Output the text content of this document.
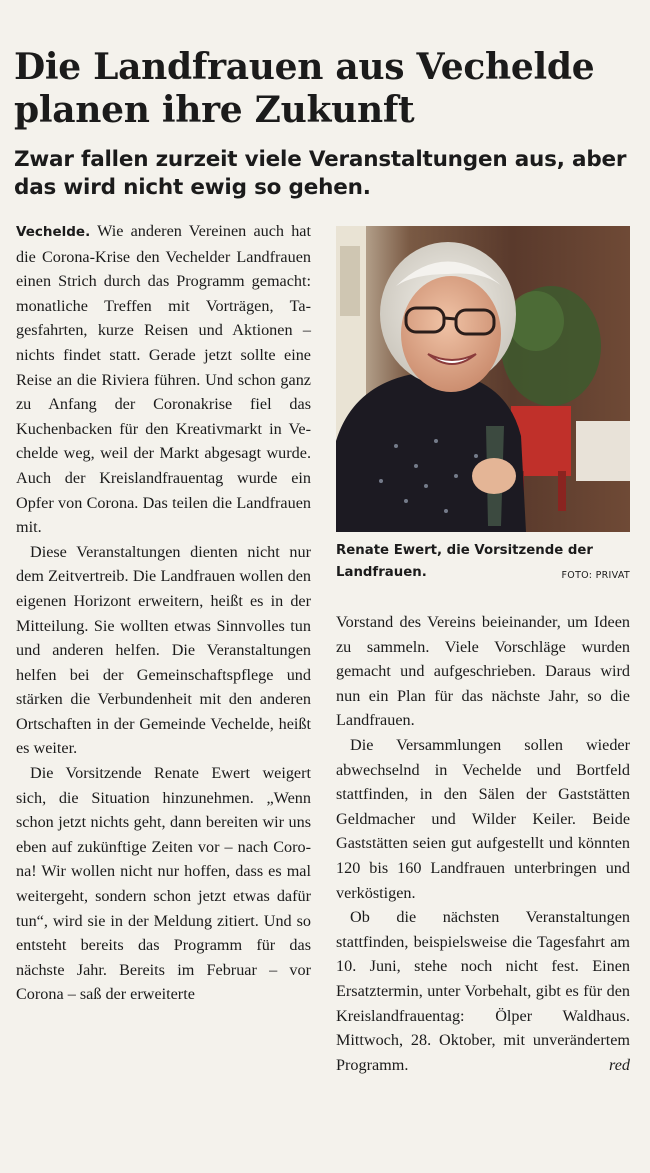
Die Landfrauen aus Vechelde planen ihre Zukunft
Zwar fallen zurzeit viele Veranstaltungen aus, aber das wird nicht ewig so gehen.

Vechelde. Wie anderen Vereinen auch hat die Corona-Krise den Vechelder Landfrauen einen Strich durch das Programm gemacht: monatliche Treffen mit Vorträgen, Tagesfahrten, kurze Reisen und Aktionen – nichts findet statt. Gerade jetzt sollte eine Reise an die Riviera führen. Und schon ganz zu Anfang der Coronakrise fiel das Kuchenbacken für den Kreativmarkt in Vechelde weg, weil der Markt abgesagt wurde. Auch der Kreislandfrauentag wurde ein Opfer von Corona. Das teilen die Landfrauen mit.

Diese Veranstaltungen dienten nicht nur dem Zeitvertreib. Die Landfrauen wollen den eigenen Horizont erweitern, heißt es in der Mitteilung. Sie wollten etwas Sinnvolles tun und anderen helfen. Die Veranstaltungen helfen bei der Gemeinschaftspflege und stärken die Verbundenheit mit den anderen Ortschaften in der Gemeinde Vechelde, heißt es weiter.

Die Vorsitzende Renate Ewert weigert sich, die Situation hinzunehmen. „Wenn schon jetzt nichts geht, dann bereiten wir uns eben auf zukünftige Zeiten vor – nach Corona! Wir wollen nicht nur hoffen, dass es mal weitergeht, sondern schon jetzt etwas dafür tun“, wird sie in der Meldung zitiert. Und so entsteht bereits das Programm für das nächste Jahr. Bereits im Februar – vor Corona – saß der erweiterte

Renate Ewert, die Vorsitzende der Landfrauen.	FOTO: PRIVAT

Vorstand des Vereins beieinander, um Ideen zu sammeln. Viele Vorschläge wurden gemacht und aufgeschrieben. Daraus wird nun ein Plan für das nächste Jahr, so die Landfrauen.

Die Versammlungen sollen wieder abwechselnd in Vechelde und Bortfeld stattfinden, in den Sälen der Gaststätten Geldmacher und Wilder Keiler. Beide Gaststätten seien gut aufgestellt und könnten 120 bis 160 Landfrauen unterbringen und verköstigen.

Ob die nächsten Veranstaltungen stattfinden, beispielsweise die Tagesfahrt am 10. Juni, stehe noch nicht fest. Einen Ersatztermin, unter Vorbehalt, gibt es für den Kreislandfrauentag: Ölper Waldhaus. Mittwoch, 28. Oktober, mit unverändertem Programm.	red
